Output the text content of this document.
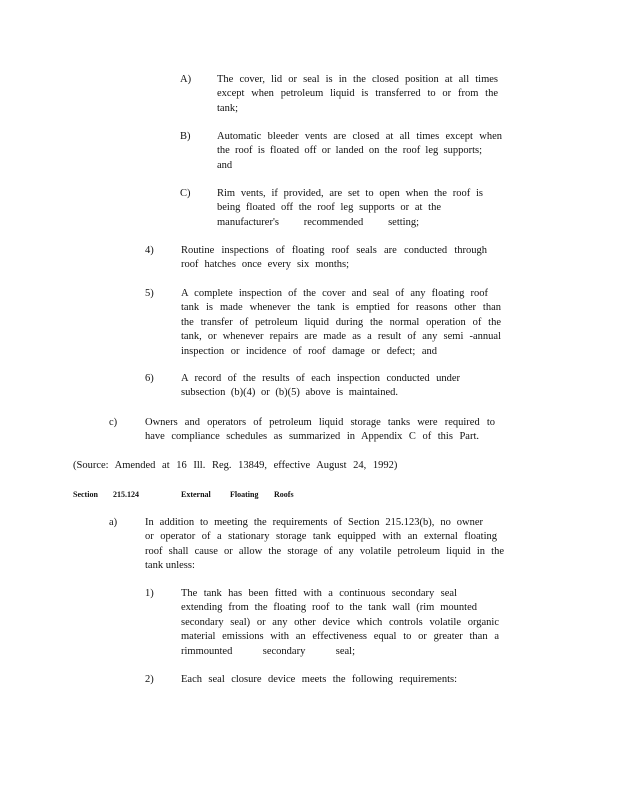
A)	The cover, lid or seal is in the closed position at all times
except when petroleum liquid is transferred to or from the
tank;
B)	Automatic bleeder vents are closed at all times except when
the roof is floated off or landed on the roof leg supports;
and
C)	Rim vents, if provided, are set to open when the roof is
being floated off the roof leg supports or at the
manufacturer's recommended setting;
4)	Routine inspections of floating roof seals are conducted through
roof hatches once every six months;
5)	A complete inspection of the cover and seal of any floating roof
tank is made whenever the tank is emptied for reasons other than
the transfer of petroleum liquid during the normal operation of the
tank, or whenever repairs are made as a result of any semi -annual
inspection or incidence of roof damage or defect; and
6)	A record of the results of each inspection conducted under
subsection (b)(4) or (b)(5) above is maintained.
c)	Owners and operators of petroleum liquid storage tanks were required to
have compliance schedules as summarized in Appendix C of this Part.
(Source: Amended at 16 Ill. Reg. 13849, effective August 24, 1992)
Section 215.124	External Floating Roofs
a)	In addition to meeting the requirements of Section 215.123(b), no owner
or operator of a stationary storage tank equipped with an external floating
roof shall cause or allow the storage of any volatile petroleum liquid in the
tank unless:
1)	The tank has been fitted with a continuous secondary seal
extending from the floating roof to the tank wall (rim mounted
secondary seal) or any other device which controls volatile organic
material emissions with an effectiveness equal to or greater than a
rimmounted secondary seal;
2)	Each seal closure device meets the following requirements:
